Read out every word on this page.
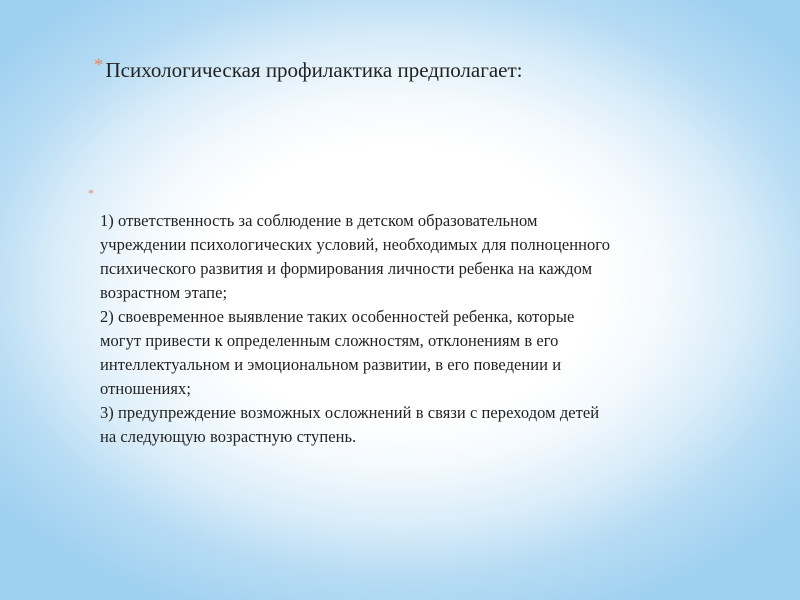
* Психологическая профилактика предполагает:
*
1) ответственность за соблюдение в детском образовательном
учреждении психологических условий, необходимых для полноценного
психического развития и формирования личности ребенка на каждом
возрастном этапе;
2) своевременное выявление таких особенностей ребенка, которые
могут привести к определенным сложностям, отклонениям в его
интеллектуальном и эмоциональном развитии, в его поведении и
отношениях;
3) предупреждение возможных осложнений в связи с переходом детей
на следующую возрастную ступень.
